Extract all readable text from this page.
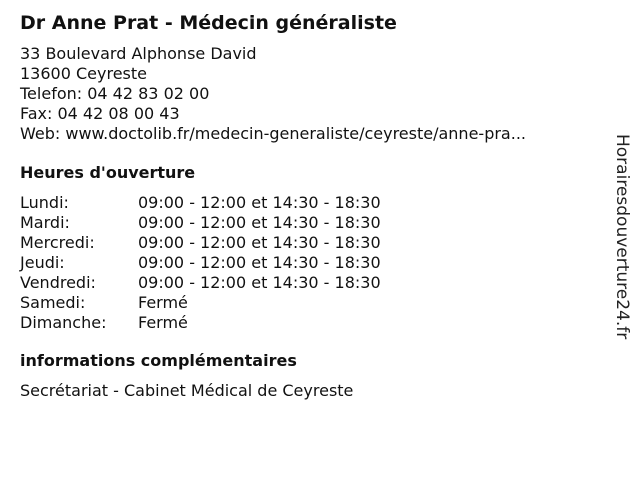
Dr Anne Prat - Médecin généraliste
33 Boulevard Alphonse David
13600 Ceyreste
Telefon: 04 42 83 02 00
Fax: 04 42 08 00 43
Web: www.doctolib.fr/medecin-generaliste/ceyreste/anne-pra...
Heures d'ouverture
Lundi:	09:00 - 12:00 et 14:30 - 18:30
Mardi:	09:00 - 12:00 et 14:30 - 18:30
Mercredi:	09:00 - 12:00 et 14:30 - 18:30
Jeudi:	09:00 - 12:00 et 14:30 - 18:30
Vendredi:	09:00 - 12:00 et 14:30 - 18:30
Samedi:	Fermé
Dimanche:	Fermé
informations complémentaires
Secrétariat - Cabinet Médical de Ceyreste
Horairesdouverture24.fr
